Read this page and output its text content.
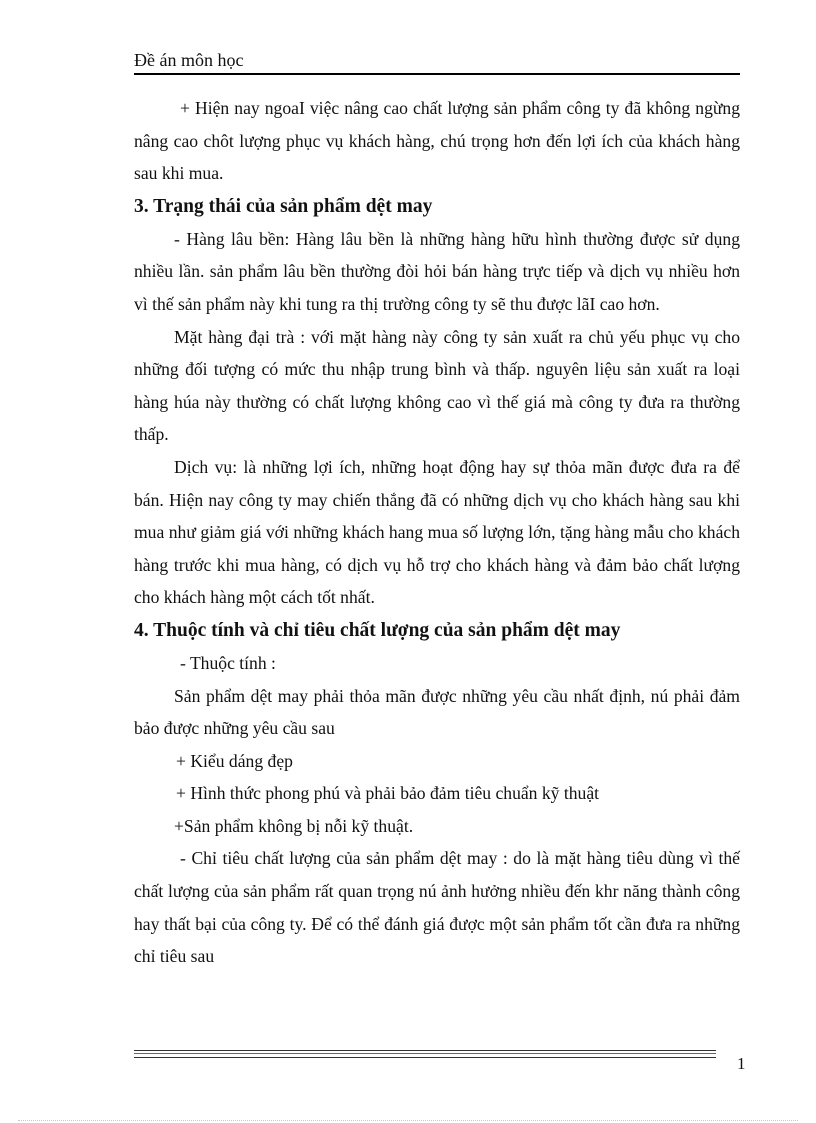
Đề án môn học

+ Hiện nay ngoaI việc nâng cao chất lượng sản phẩm công ty đã không ngừng nâng cao chôt lượng phục vụ khách hàng, chú trọng hơn đến lợi ích của khách hàng sau khi mua.

3. Trạng thái của sản phẩm dệt may

- Hàng lâu bền: Hàng lâu bền là những hàng hữu hình thường được sử dụng nhiều lần. sản phẩm lâu bền thường đòi hỏi bán hàng trực tiếp và dịch vụ nhiều hơn vì thế sản phẩm này khi tung ra thị trường công ty sẽ thu được lãI cao hơn.

Mặt hàng đại trà : với mặt hàng này công ty sản xuất ra chủ yếu phục vụ cho những đối tượng có mức thu nhập trung bình và thấp. nguyên liệu sản xuất ra loại hàng húa này thường có chất lượng không cao vì thế giá mà công ty đưa ra thường thấp.

Dịch vụ: là những lợi ích, những hoạt động hay sự thỏa mãn được đưa ra để bán. Hiện nay công ty may chiến thắng đã có những dịch vụ cho khách hàng sau khi mua như giảm giá với những khách hang mua số lượng lớn, tặng hàng mẫu cho khách hàng trước khi mua hàng, có dịch vụ hỗ trợ cho khách hàng và đảm bảo chất lượng cho khách hàng một cách tốt nhất.

4. Thuộc tính và chỉ tiêu chất lượng của sản phẩm dệt may

- Thuộc tính :

Sản phẩm dệt may phải thỏa mãn được những yêu cầu nhất định, nú phải đảm bảo được những yêu cầu sau

+ Kiểu dáng đẹp

+ Hình thức phong phú và phải bảo đảm tiêu chuẩn kỹ thuật

+Sản phẩm không bị nỗi kỹ thuật.

- Chỉ tiêu chất lượng của sản phẩm dệt may : do là mặt hàng tiêu dùng vì thế chất lượng của sản phẩm rất quan trọng nú ảnh hưởng nhiều đến khr năng thành công hay thất bại của công ty. Để có thể đánh giá được một sản phẩm tốt cần đưa ra những chỉ tiêu sau

1
